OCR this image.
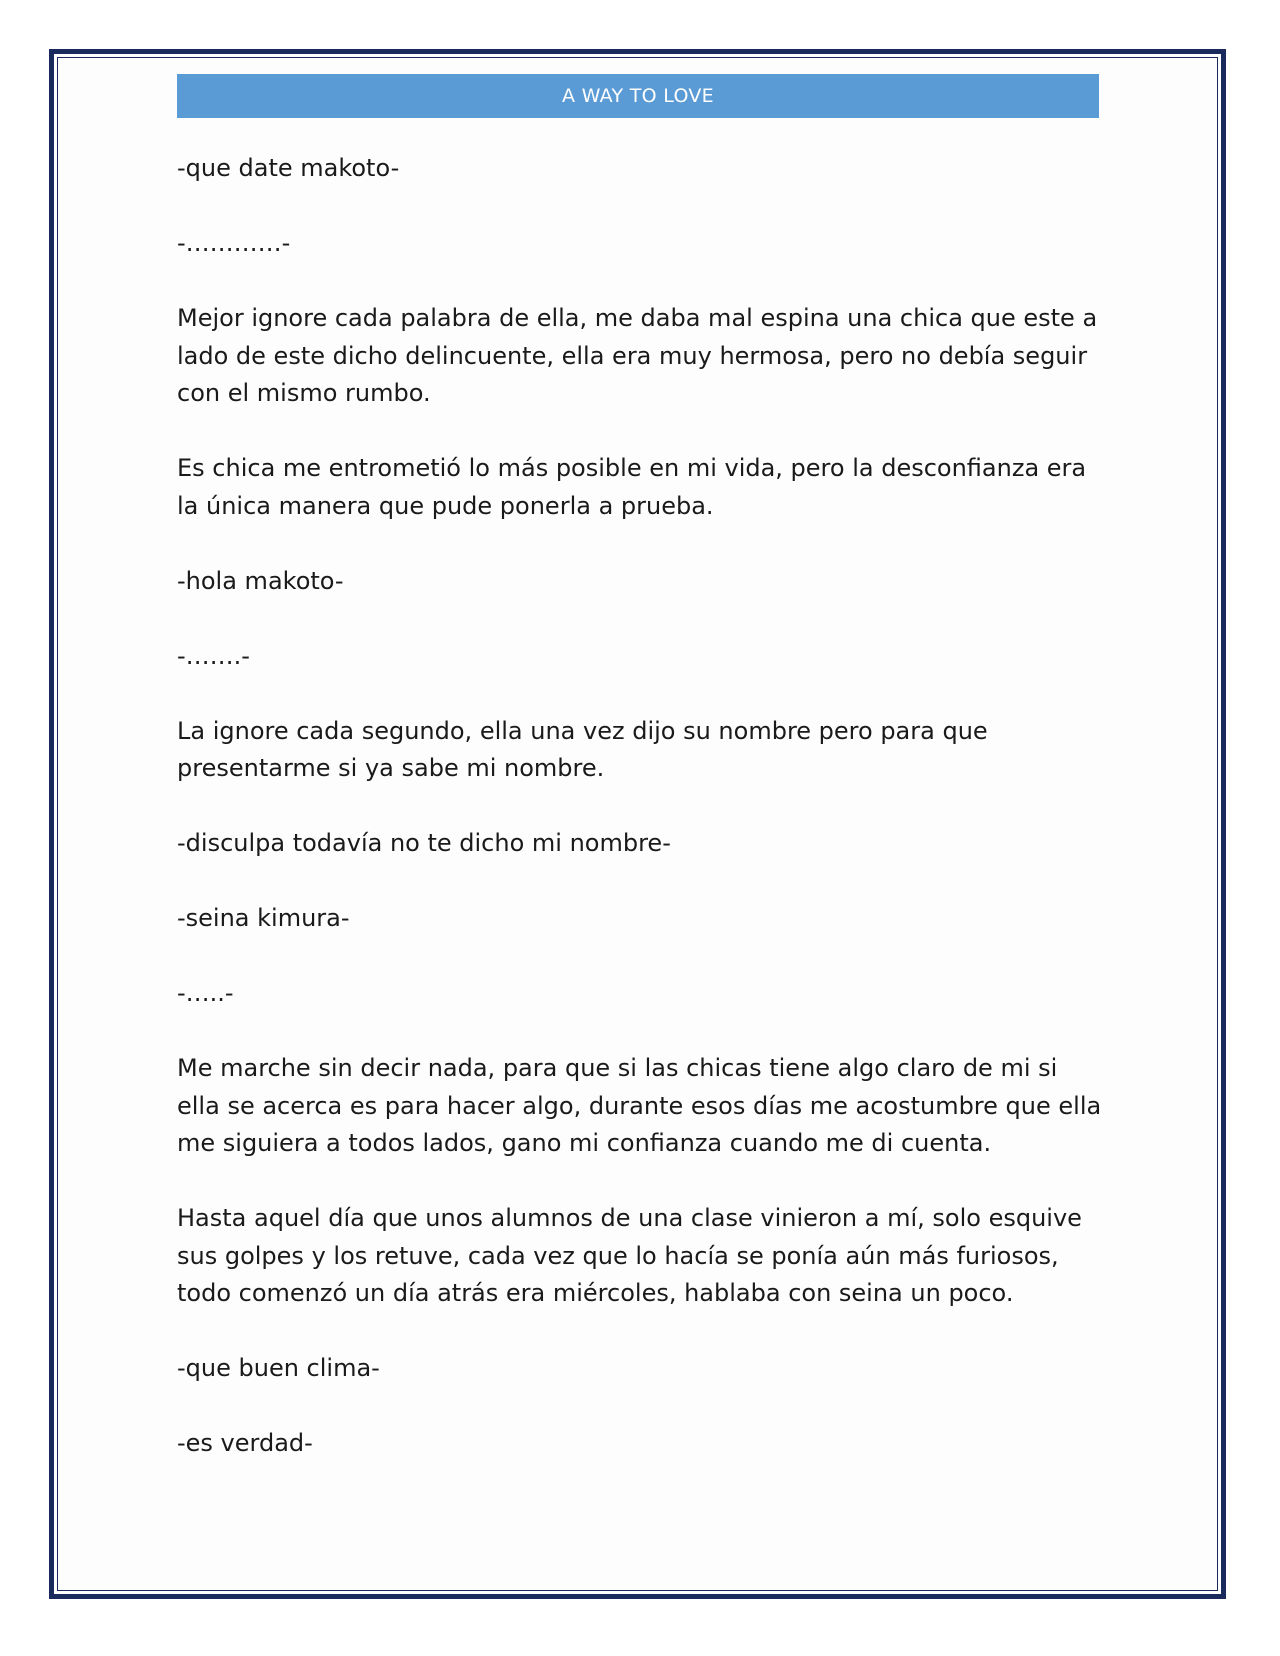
A WAY TO LOVE

-que date makoto-

-…………-

Mejor ignore cada palabra de ella, me daba mal espina una chica que este a lado de este dicho delincuente, ella era muy hermosa, pero no debía seguir con el mismo rumbo.

Es chica me entrometió lo más posible en mi vida, pero la desconfianza era la única manera que pude ponerla a prueba.

-hola makoto-

-…….-

La ignore cada segundo, ella una vez dijo su nombre pero para que presentarme si ya sabe mi nombre.

-disculpa todavía no te dicho mi nombre-

-seina kimura-

-…..-

Me marche sin decir nada, para que si las chicas tiene algo claro de mi si ella se acerca es para hacer algo, durante esos días me acostumbre que ella me siguiera a todos lados, gano mi confianza cuando me di cuenta.

Hasta aquel día que unos alumnos de una clase vinieron a mí, solo esquive sus golpes y los retuve, cada vez que lo hacía se ponía aún más furiosos, todo comenzó un día atrás era miércoles, hablaba con seina un poco.

-que buen clima-

-es verdad-
